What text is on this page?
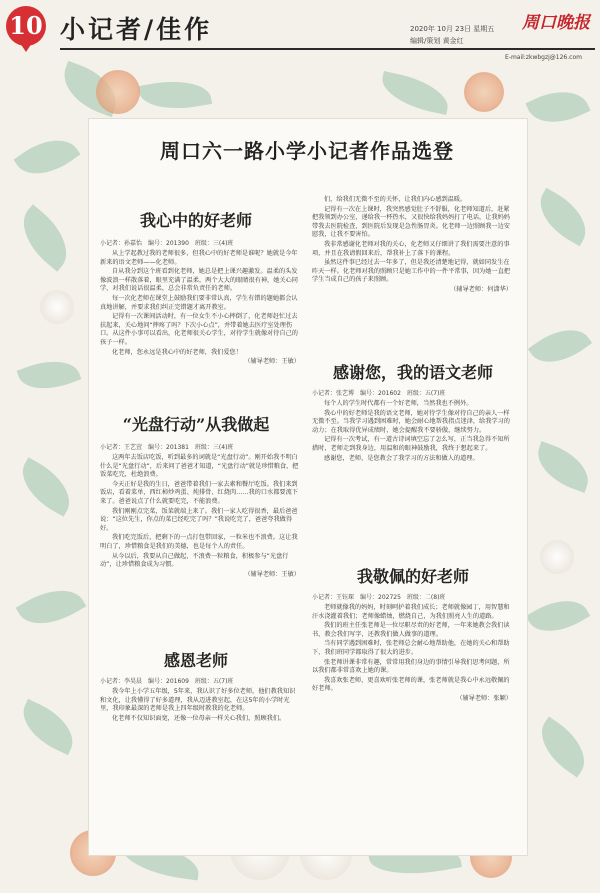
10 小记者/佳作	2020年 10月 23日 星期五
编辑/策划 黄金红
周口晚报
E-mail:zkwbgzj@126.com
周口六一路小学小记者作品选登
我心中的好老师
小记者：孙嘉怡　编号：201390　班级：三(4)班

从上学起教过我的老师很多，但我心中的好老师是谁呢？她就是今年新来的语文老师——化老师。

自从我分到这个班看到化老师，她总是把上课兴趣激发。温柔的头发像波浪一样散落着，眼里充满了温柔，两个大大的眼睛很有神，她关心同学，对我们说话很温柔，总会非常负责任的老师。

每一次化老师在课堂上鼓励我们要非常认真，学生有错的题她都会认真地讲解，并要求我们纠正完错题才离开教室。

记得有一次课间活动时，有一位女生不小心摔倒了，化老师赶忙过去扶起来，关心地问“摔疼了吗？下次小心点”，并带着她去医疗室处理伤口。从这件小事可以看出，化老师很关心学生，对待学生就像对待自己的孩子一样。

化老师，您永远是我心中的好老师，我们爱您！

（辅导老师：王敏）
“光盘行动”从我做起
小记者：王艺萱　编号：201381　班级：三(4)班

这两年去饭店吃饭，听到最多的词就是“光盘行动”。刚开始我不明白什么是“光盘行动”，后来问了爸爸才知道，“光盘行动”就是珍惜粮食，把饭菜吃完，杜绝浪费。

今天正好是我的生日，爸爸带着我们一家去素和餐厅吃饭。我们来到饭店，看着菜单，西红柿炒鸡蛋、炖排骨、红烧肉……我的口水都要流下来了。爸爸说点了什么就要吃完，不能浪费。

我们刚刚点完菜，饭菜就端上来了。我们一家人吃得很香，最后爸爸说：“这位先生，你点的菜已经吃完了吗？”我说吃完了，爸爸夸我做得好。

我们吃完饭后，把剩下的一点打包带回家，一粒米也不浪费。这让我明白了，珍惜粮食是我们的美德，也是每个人的责任。

从今以后，我要从自己做起，不浪费一粒粮食，积极参与“光盘行动”，让珍惜粮食成为习惯。

（辅导老师：王敏）
感恩老师
小记者：李昊晨　编号：201609　班级：五(7)班

我今年上小学五年级，5年来，我认识了好多位老师，他们教我知识和文化，让我懂得了好多道理，我从迈进教室起，在这5年的小学时光里，我印象最深的老师是我上四年级时教我的化老师。

化老师不仅知识面宽，还像一位母亲一样关心我们，照顾我们。

们，给我们无微不至的关怀，让我们内心感到温暖。

记得有一次在上课时，我突然感觉肚子不舒服，化老师知道后，赶紧把我领到办公室，递给我一杯热水，又很快给我妈妈打了电话，让我妈妈带我去医院检查，到医院后发现是急性肠胃炎。化老师一边照顾我一边安慰我，让我不要害怕。

我非常感谢化老师对我的关心，化老师又仔细讲了我们需要注意的事项，并且在我请假回来后，帮我补上了落下的课程。

虽然这件事已经过去一年多了，但是我还清楚地记得，就如同发生在昨天一样。化老师对我的照顾只是她工作中的一件平常事，因为她一直把学生当成自己的孩子来照顾。

（辅导老师：何潇华）
感谢您，我的语文老师
小记者：张艺博　编号：201602　班级：五(7)班

每个人的学生时代都有一个好老师，当然我也不例外。

我心中的好老师是我的语文老师，她对待学生像对待自己的亲人一样无微不至。当我学习遇到困难时，她会耐心地帮我指点迷津，给我学习的动力；在我取得优异成绩时，她会提醒我不要骄傲，继续努力。

记得有一次考试，有一道古诗词填空忘了怎么写，正当我急得不知所措时，老师走到我身边，用温和的眼神鼓励我，我终于想起来了。

感谢您，老师，是您教会了我学习的方法和做人的道理。

我敬佩的好老师
小记者：王钰琛　编号：202725　班级：二(8)班

老师就像我的妈妈，时刻呵护着我们成长；老师就像园丁，用智慧和汗水浇灌着我们；老师像蜡烛，燃烧自己，为我们照亮人生的道路。

我们的班主任张老师是一位尽职尽责的好老师，一年来她教会我们读书，教会我们写字，还教我们做人做事的道理。

当有同学遇到困难时，张老师总会耐心地帮助他，在她的关心和帮助下，我们班同学都取得了很大的进步。

张老师讲课非常有趣，常常用我们身边的事情引导我们思考问题，所以我们都非常喜欢上她的课。

我喜欢张老师，更喜欢听张老师的课，张老师就是我心中永远敬佩的好老师。

（辅导老师：张颖）
